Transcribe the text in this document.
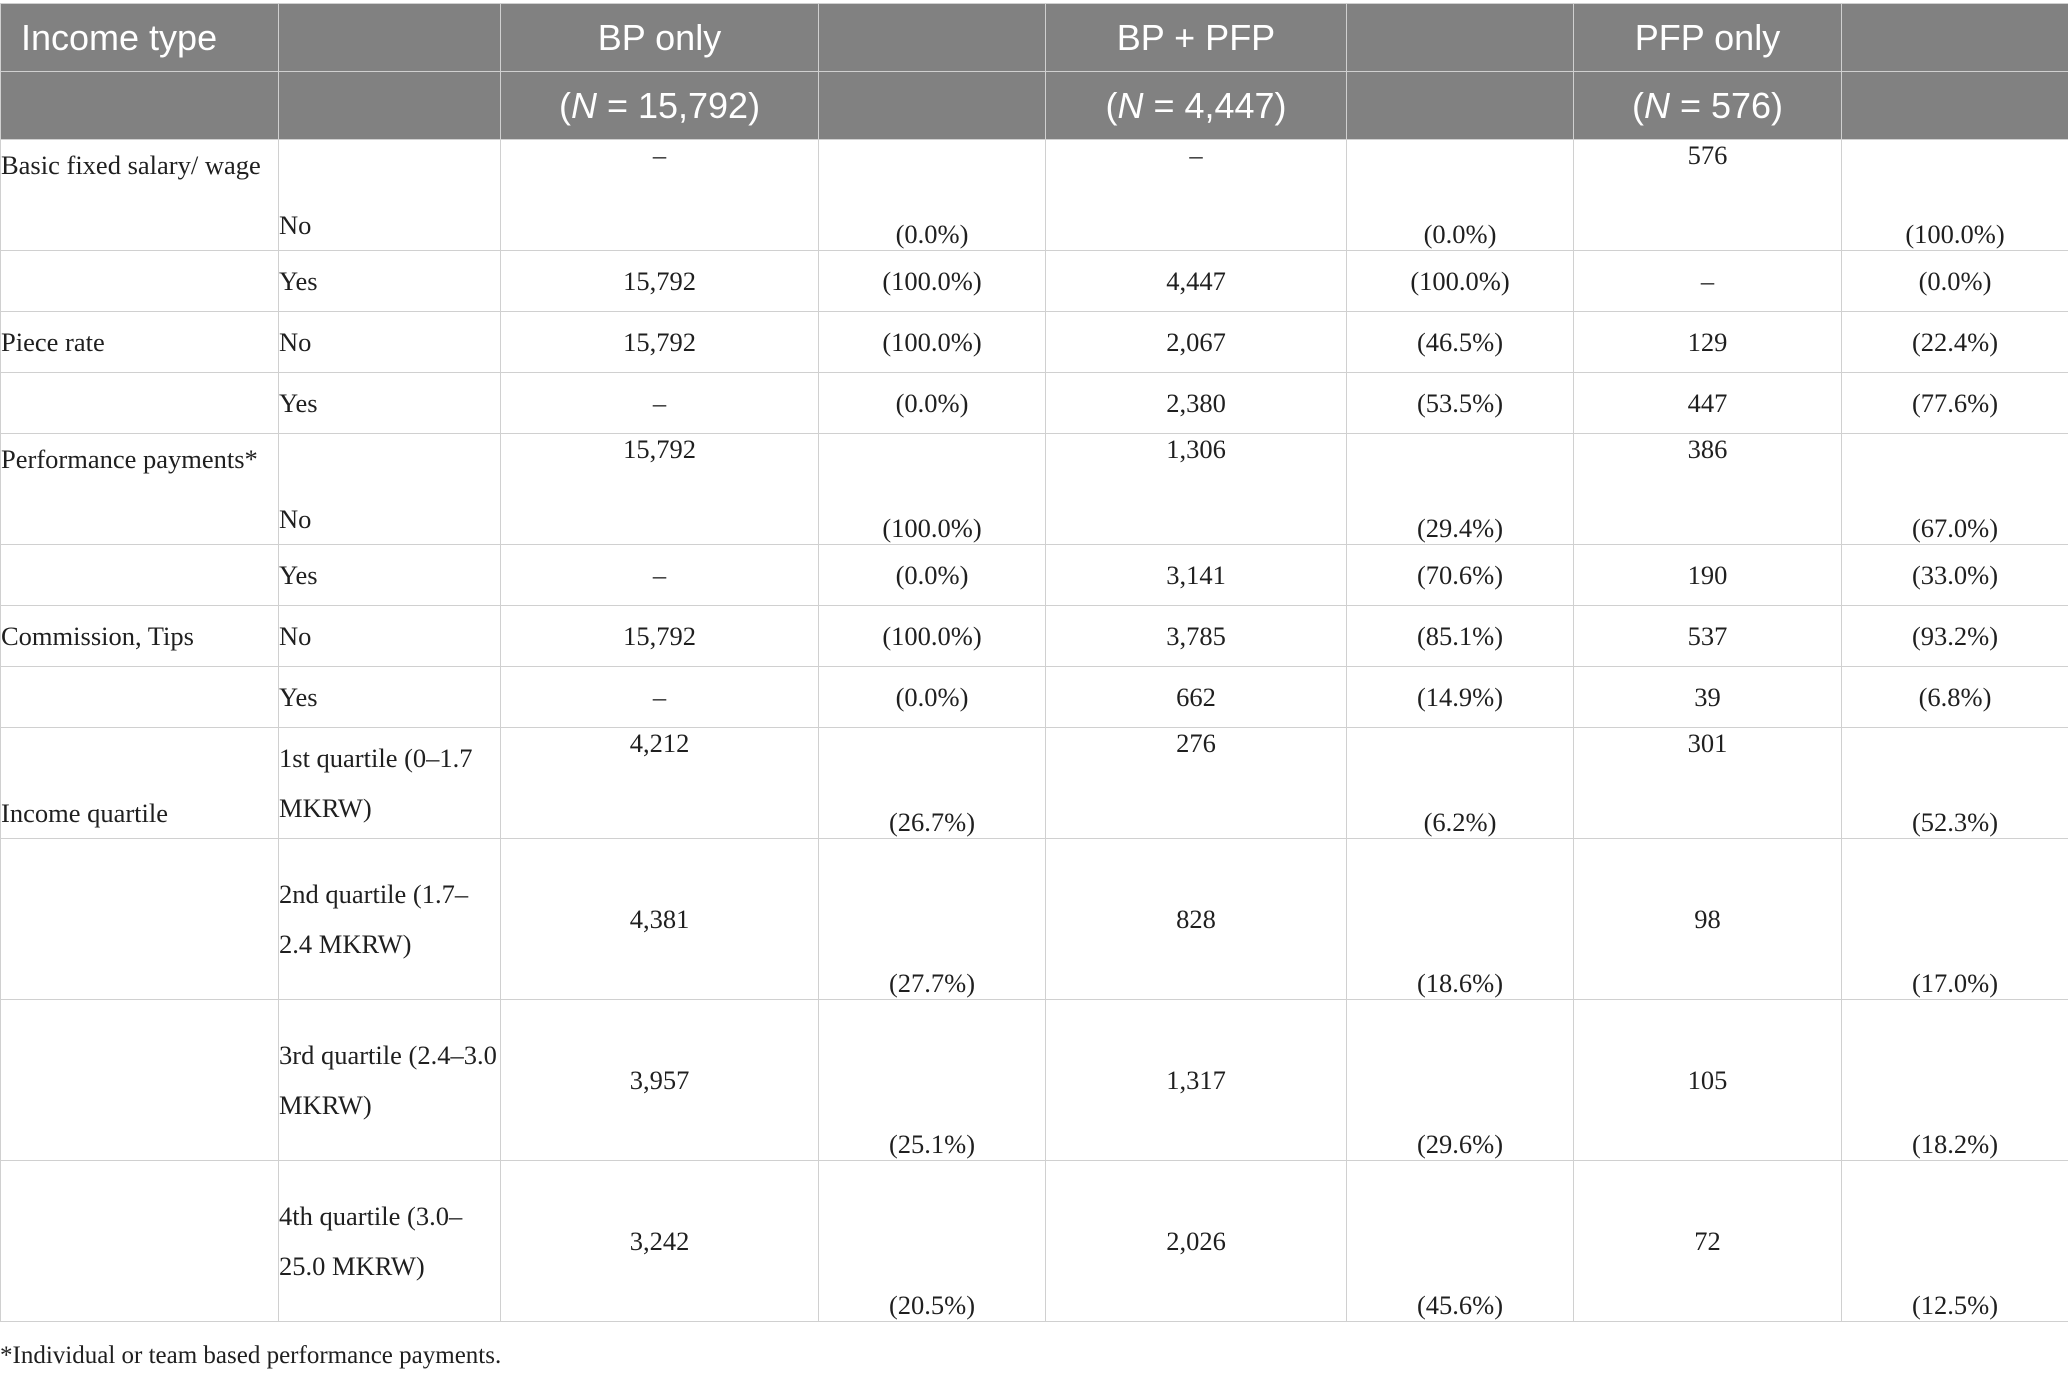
Income type		BP only		BP + PFP		PFP only	
		(N = 15,792)		(N = 4,447)		(N = 576)	
Basic fixed salary/ wage	No	–	(0.0%)	–	(0.0%)	576	(100.0%)
	Yes	15,792	(100.0%)	4,447	(100.0%)	–	(0.0%)
Piece rate	No	15,792	(100.0%)	2,067	(46.5%)	129	(22.4%)
	Yes	–	(0.0%)	2,380	(53.5%)	447	(77.6%)
Performance payments*	No	15,792	(100.0%)	1,306	(29.4%)	386	(67.0%)
	Yes	–	(0.0%)	3,141	(70.6%)	190	(33.0%)
Commission, Tips	No	15,792	(100.0%)	3,785	(85.1%)	537	(93.2%)
	Yes	–	(0.0%)	662	(14.9%)	39	(6.8%)
Income quartile	1st quartile (0–1.7 MKRW)	4,212	(26.7%)	276	(6.2%)	301	(52.3%)
	2nd quartile (1.7–2.4 MKRW)	4,381	(27.7%)	828	(18.6%)	98	(17.0%)
	3rd quartile (2.4–3.0 MKRW)	3,957	(25.1%)	1,317	(29.6%)	105	(18.2%)
	4th quartile (3.0–25.0 MKRW)	3,242	(20.5%)	2,026	(45.6%)	72	(12.5%)
*Individual or team based performance payments.
